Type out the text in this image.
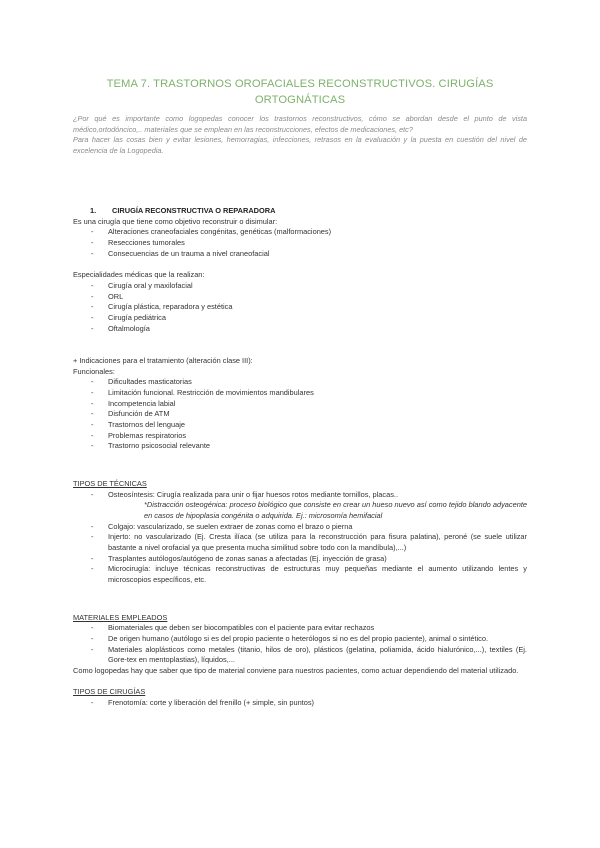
TEMA 7. TRASTORNOS OROFACIALES RECONSTRUCTIVOS. CIRUGÍAS ORTOGNÁTICAS

¿Por qué es importante como logopedas conocer los trastornos reconstructivos, cómo se abordan desde el punto de vista médico,ortodóncico,.. materiales que se emplean en las reconstrucciones, efectos de medicaciones, etc?

Para hacer las cosas bien y evitar lesiones, hemorragias, infecciones, retrasos en la evaluación y la puesta en cuestión del nivel de excelencia de la Logopedia.

1. CIRUGÍA RECONSTRUCTIVA O REPARADORA

Es una cirugía que tiene como objetivo reconstruir o disimular:

- Alteraciones craneofaciales congénitas, genéticas (malformaciones)
- Resecciones tumorales
- Consecuencias de un trauma a nivel craneofacial

Especialidades médicas que la realizan:

- Cirugía oral y maxilofacial
- ORL
- Cirugía plástica, reparadora y estética
- Cirugía pediátrica
- Oftalmología

+ Indicaciones para el tratamiento (alteración clase III):

Funcionales:

- Dificultades masticatorias
- Limitación funcional. Restricción de movimientos mandibulares
- Incompetencia labial
- Disfunción de ATM
- Trastornos del lenguaje
- Problemas respiratorios
- Trastorno psicosocial relevante

TIPOS DE TÉCNICAS

- Osteosíntesis: Cirugía realizada para unir o fijar huesos rotos mediante tornillos, placas..

*Distracción osteogénica: proceso biológico que consiste en crear un hueso nuevo así como tejido blando adyacente en casos de hipoplasia congénita o adquirida. Ej.: microsomía hemifacial

- Colgajo: vascularizado, se suelen extraer de zonas como el brazo o pierna
- Injerto: no vascularizado (Ej. Cresta ilíaca (se utiliza para la reconstrucción para fisura palatina), peroné (se suele utilizar bastante a nivel orofacial ya que presenta mucha similitud sobre todo con la mandíbula),...)
- Trasplantes autólogos/autógeno de zonas sanas a afectadas (Ej. inyección de grasa)
- Microcirugía: incluye técnicas reconstructivas de estructuras muy pequeñas mediante el aumento utilizando lentes y microscopios específicos, etc.

MATERIALES EMPLEADOS

- Biomateriales que deben ser biocompatibles con el paciente para evitar rechazos
- De origen humano (autólogo si es del propio paciente o heterólogos si no es del propio paciente), animal o sintético.
- Materiales aloplásticos como metales (titanio, hilos de oro), plásticos (gelatina, poliamida, ácido hialurónico,...), textiles (Ej. Gore-tex en mentoplastias), líquidos,...

Como logopedas hay que saber que tipo de material conviene para nuestros pacientes, como actuar dependiendo del material utilizado.

TIPOS DE CIRUGÍAS

- Frenotomía: corte y liberación del frenillo (+ simple, sin puntos)
